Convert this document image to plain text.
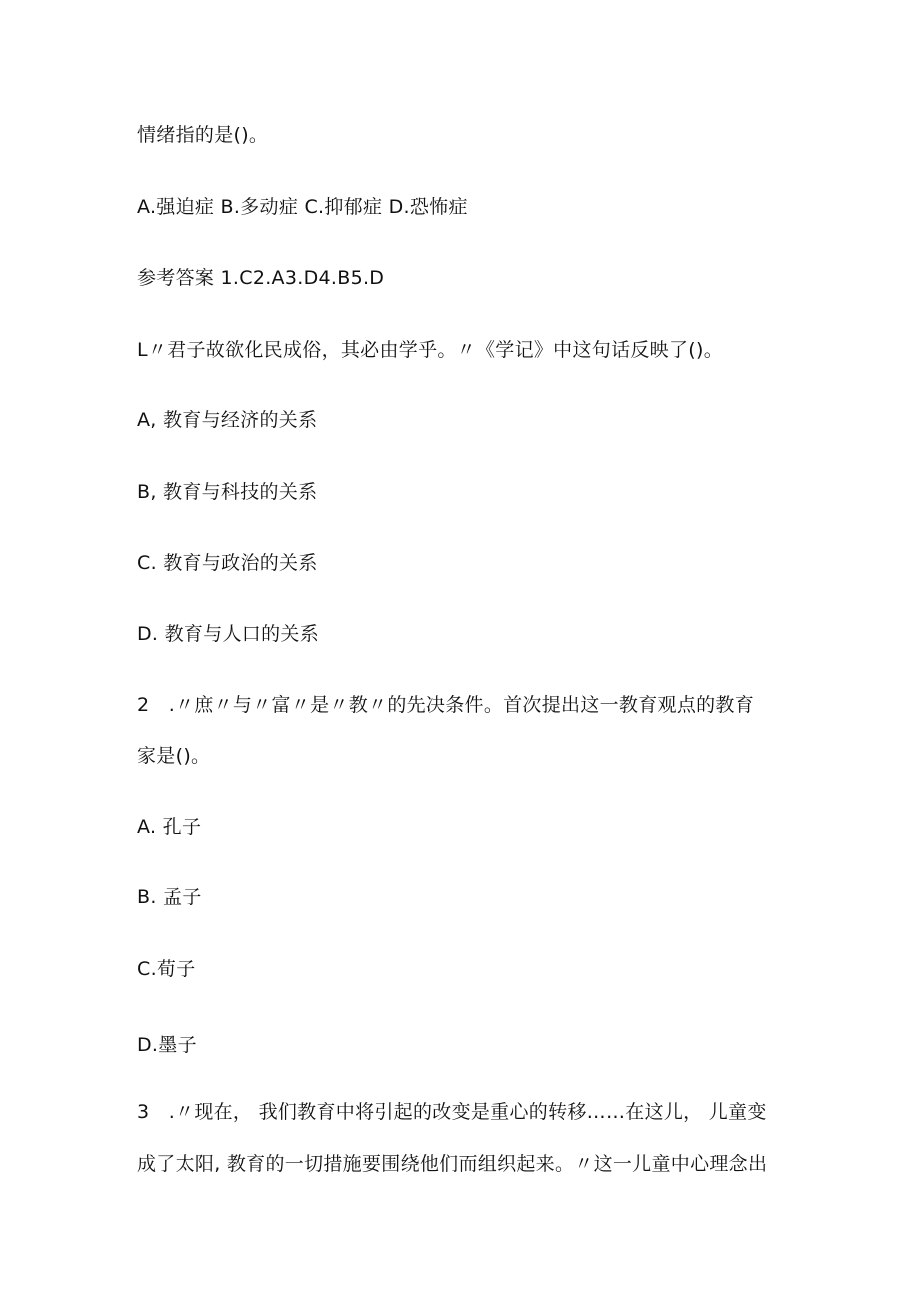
情绪指的是()。
A.强迫症 B.多动症 C.抑郁症 D.恐怖症
参考答案 1.C2.A3.D4.B5.D
L〃君子故欲化民成俗，其必由学乎。〃《学记》中这句话反映了()。
A, 教育与经济的关系
B, 教育与科技的关系
C. 教育与政治的关系
D. 教育与人口的关系
2　.〃庶〃与〃富〃是〃教〃的先决条件。首次提出这一教育观点的教育
家是()。
A. 孔子
B. 孟子
C.荀子
D.墨子
3　.〃现在， 我们教育中将引起的改变是重心的转移……在这儿， 儿童变
成了太阳, 教育的一切措施要围绕他们而组织起来。〃这一儿童中心理念出
